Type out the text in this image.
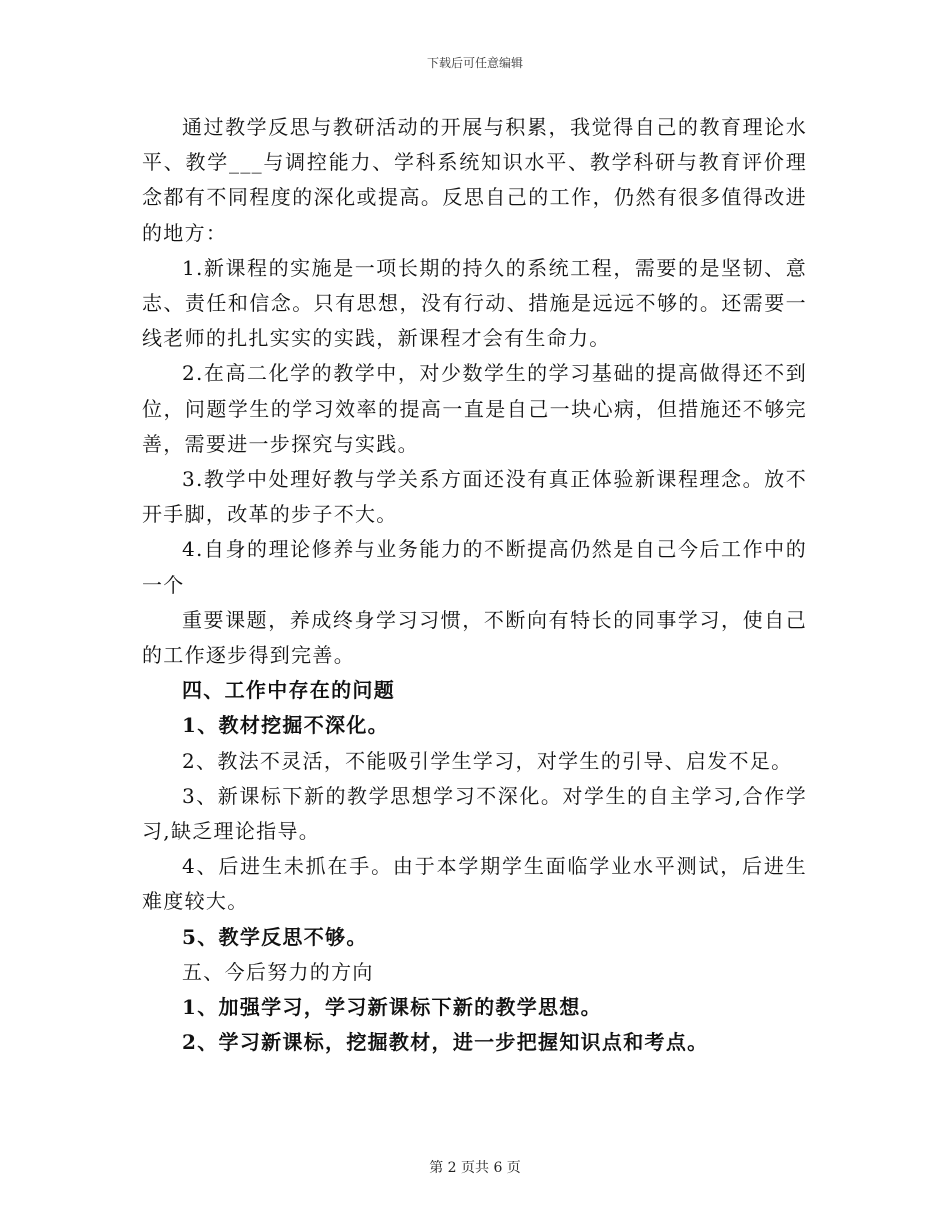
下载后可任意编辑

通过教学反思与教研活动的开展与积累，我觉得自己的教育理论水平、教学___与调控能力、学科系统知识水平、教学科研与教育评价理念都有不同程度的深化或提高。反思自己的工作，仍然有很多值得改进的地方：

1.新课程的实施是一项长期的持久的系统工程，需要的是坚韧、意志、责任和信念。只有思想，没有行动、措施是远远不够的。还需要一线老师的扎扎实实的实践，新课程才会有生命力。

2.在高二化学的教学中，对少数学生的学习基础的提高做得还不到位，问题学生的学习效率的提高一直是自己一块心病，但措施还不够完善，需要进一步探究与实践。

3.教学中处理好教与学关系方面还没有真正体验新课程理念。放不开手脚，改革的步子不大。

4.自身的理论修养与业务能力的不断提高仍然是自己今后工作中的一个

重要课题，养成终身学习习惯，不断向有特长的同事学习，使自己的工作逐步得到完善。

四、工作中存在的问题

1、教材挖掘不深化。

2、教法不灵活，不能吸引学生学习，对学生的引导、启发不足。

3、新课标下新的教学思想学习不深化。对学生的自主学习,合作学习,缺乏理论指导。

4、后进生未抓在手。由于本学期学生面临学业水平测试，后进生难度较大。

5、教学反思不够。

五、今后努力的方向

1、加强学习，学习新课标下新的教学思想。

2、学习新课标，挖掘教材，进一步把握知识点和考点。

第 2 页共 6 页
